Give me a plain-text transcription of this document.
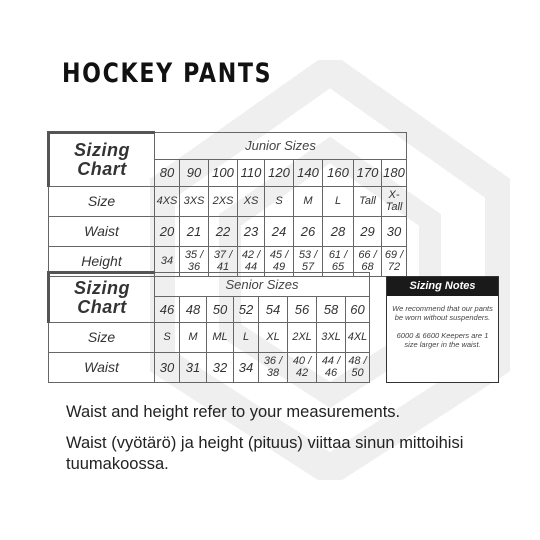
HOCKEY PANTS
Sizing
Chart	Junior Sizes								
	80	90	100	110	120	140	160	170	180
Size	4XS	3XS	2XS	XS	S	M	L	Tall	X-Tall
Waist	20	21	22	23	24	26	28	29	30
Height	34	35 / 36	37 / 41	42 / 44	45 / 49	53 / 57	61 / 65	66 / 68	69 / 72
Sizing
Chart	Senior Sizes							
	46	48	50	52	54	56	58	60
Size	S	M	ML	L	XL	2XL	3XL	4XL
Waist	30	31	32	34	36 / 38	40 / 42	44 / 46	48 / 50
Sizing Notes

We recommend that our pants be worn without suspenders.

6000 & 6600 Keepers are 1 size larger in the waist.

Waist and height refer to your measurements.

Waist (vyötärö) ja height (pituus) viittaa sinun mittoihisi tuumakoossa.
